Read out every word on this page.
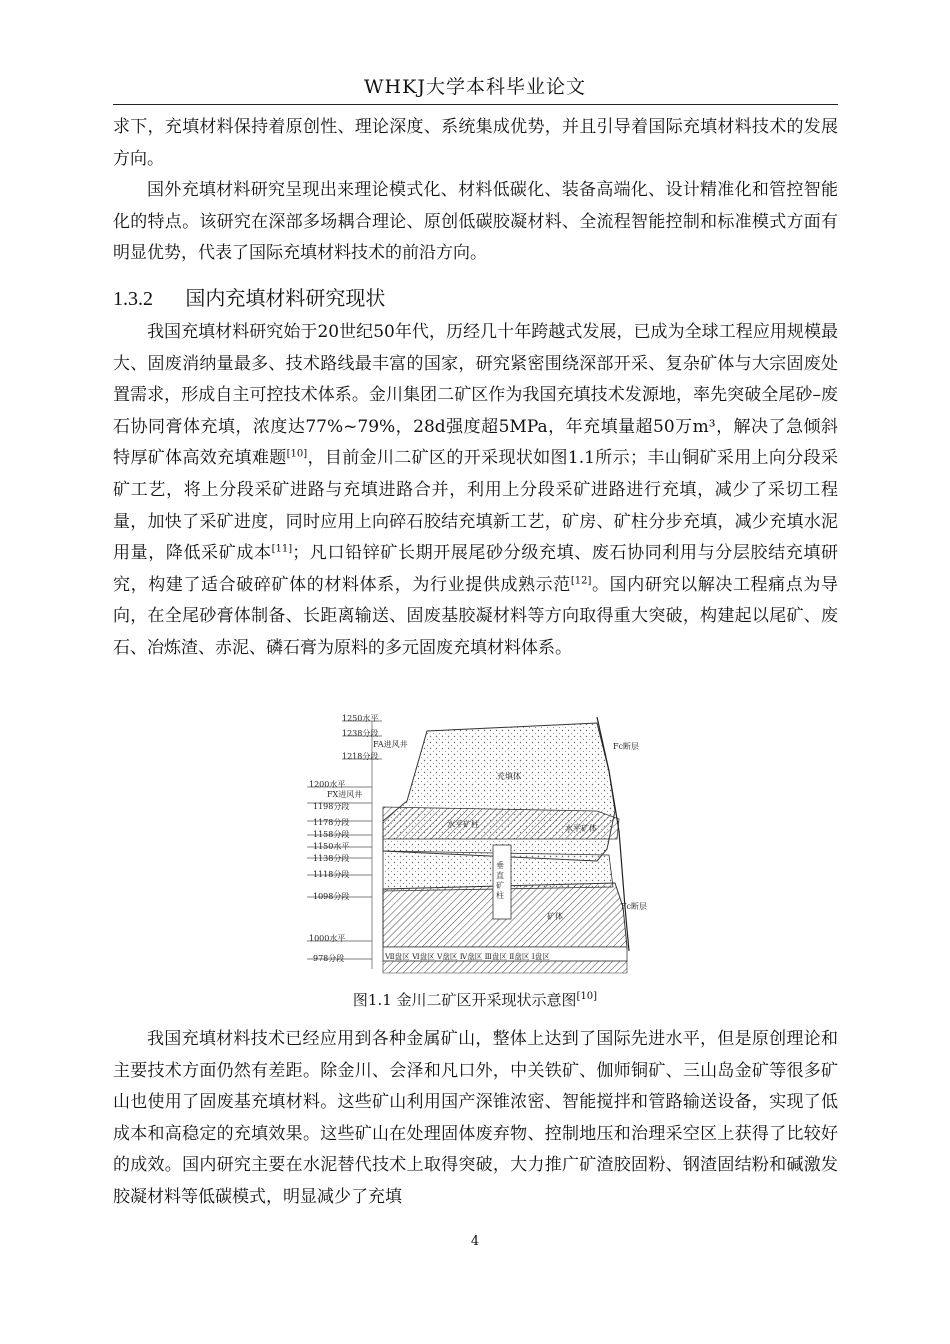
WHKJ大学本科毕业论文

求下，充填材料保持着原创性、理论深度、系统集成优势，并且引导着国际充填材料技术的发展方向。

国外充填材料研究呈现出来理论模式化、材料低碳化、装备高端化、设计精准化和管控智能化的特点。该研究在深部多场耦合理论、原创低碳胶凝材料、全流程智能控制和标准模式方面有明显优势，代表了国际充填材料技术的前沿方向。

1.3.2 国内充填材料研究现状

我国充填材料研究始于20世纪50年代，历经几十年跨越式发展，已成为全球工程应用规模最大、固废消纳量最多、技术路线最丰富的国家，研究紧密围绕深部开采、复杂矿体与大宗固废处置需求，形成自主可控技术体系。金川集团二矿区作为我国充填技术发源地，率先突破全尾砂–废石协同膏体充填，浓度达77%~79%，28d强度超5MPa，年充填量超50万m³，解决了急倾斜特厚矿体高效充填难题[10]，目前金川二矿区的开采现状如图1.1所示；丰山铜矿采用上向分段采矿工艺，将上分段采矿进路与充填进路合并，利用上分段采矿进路进行充填，减少了采切工程量，加快了采矿进度，同时应用上向碎石胶结充填新工艺，矿房、矿柱分步充填，减少充填水泥用量，降低采矿成本[11]；凡口铅锌矿长期开展尾砂分级充填、废石协同利用与分层胶结充填研究，构建了适合破碎矿体的材料体系，为行业提供成熟示范[12]。国内研究以解决工程痛点为导向，在全尾砂膏体制备、长距离输送、固废基胶凝材料等方向取得重大突破，构建起以尾矿、废石、冶炼渣、赤泥、磷石膏为原料的多元固废充填材料体系。

1250水平
1238分段
FA进风井
1218分段
1200水平
FX进风井
1198分段
1178分段
1158分段
1150水平
1138分段
1118分段
1098分段
1000水平
978分段
Fc断层
Fc断层
充填体
水平矿柱	水平矿体
垂直矿柱
矿体
Ⅶ盘区 Ⅵ盘区 Ⅴ盘区 Ⅳ盘区 Ⅲ盘区 Ⅱ盘区 Ⅰ盘区
图1.1 金川二矿区开采现状示意图[10]

我国充填材料技术已经应用到各种金属矿山，整体上达到了国际先进水平，但是原创理论和主要技术方面仍然有差距。除金川、会泽和凡口外，中关铁矿、伽师铜矿、三山岛金矿等很多矿山也使用了固废基充填材料。这些矿山利用国产深锥浓密、智能搅拌和管路输送设备，实现了低成本和高稳定的充填效果。这些矿山在处理固体废弃物、控制地压和治理采空区上获得了比较好的成效。国内研究主要在水泥替代技术上取得突破，大力推广矿渣胶固粉、钢渣固结粉和碱激发胶凝材料等低碳模式，明显减少了充填

4
